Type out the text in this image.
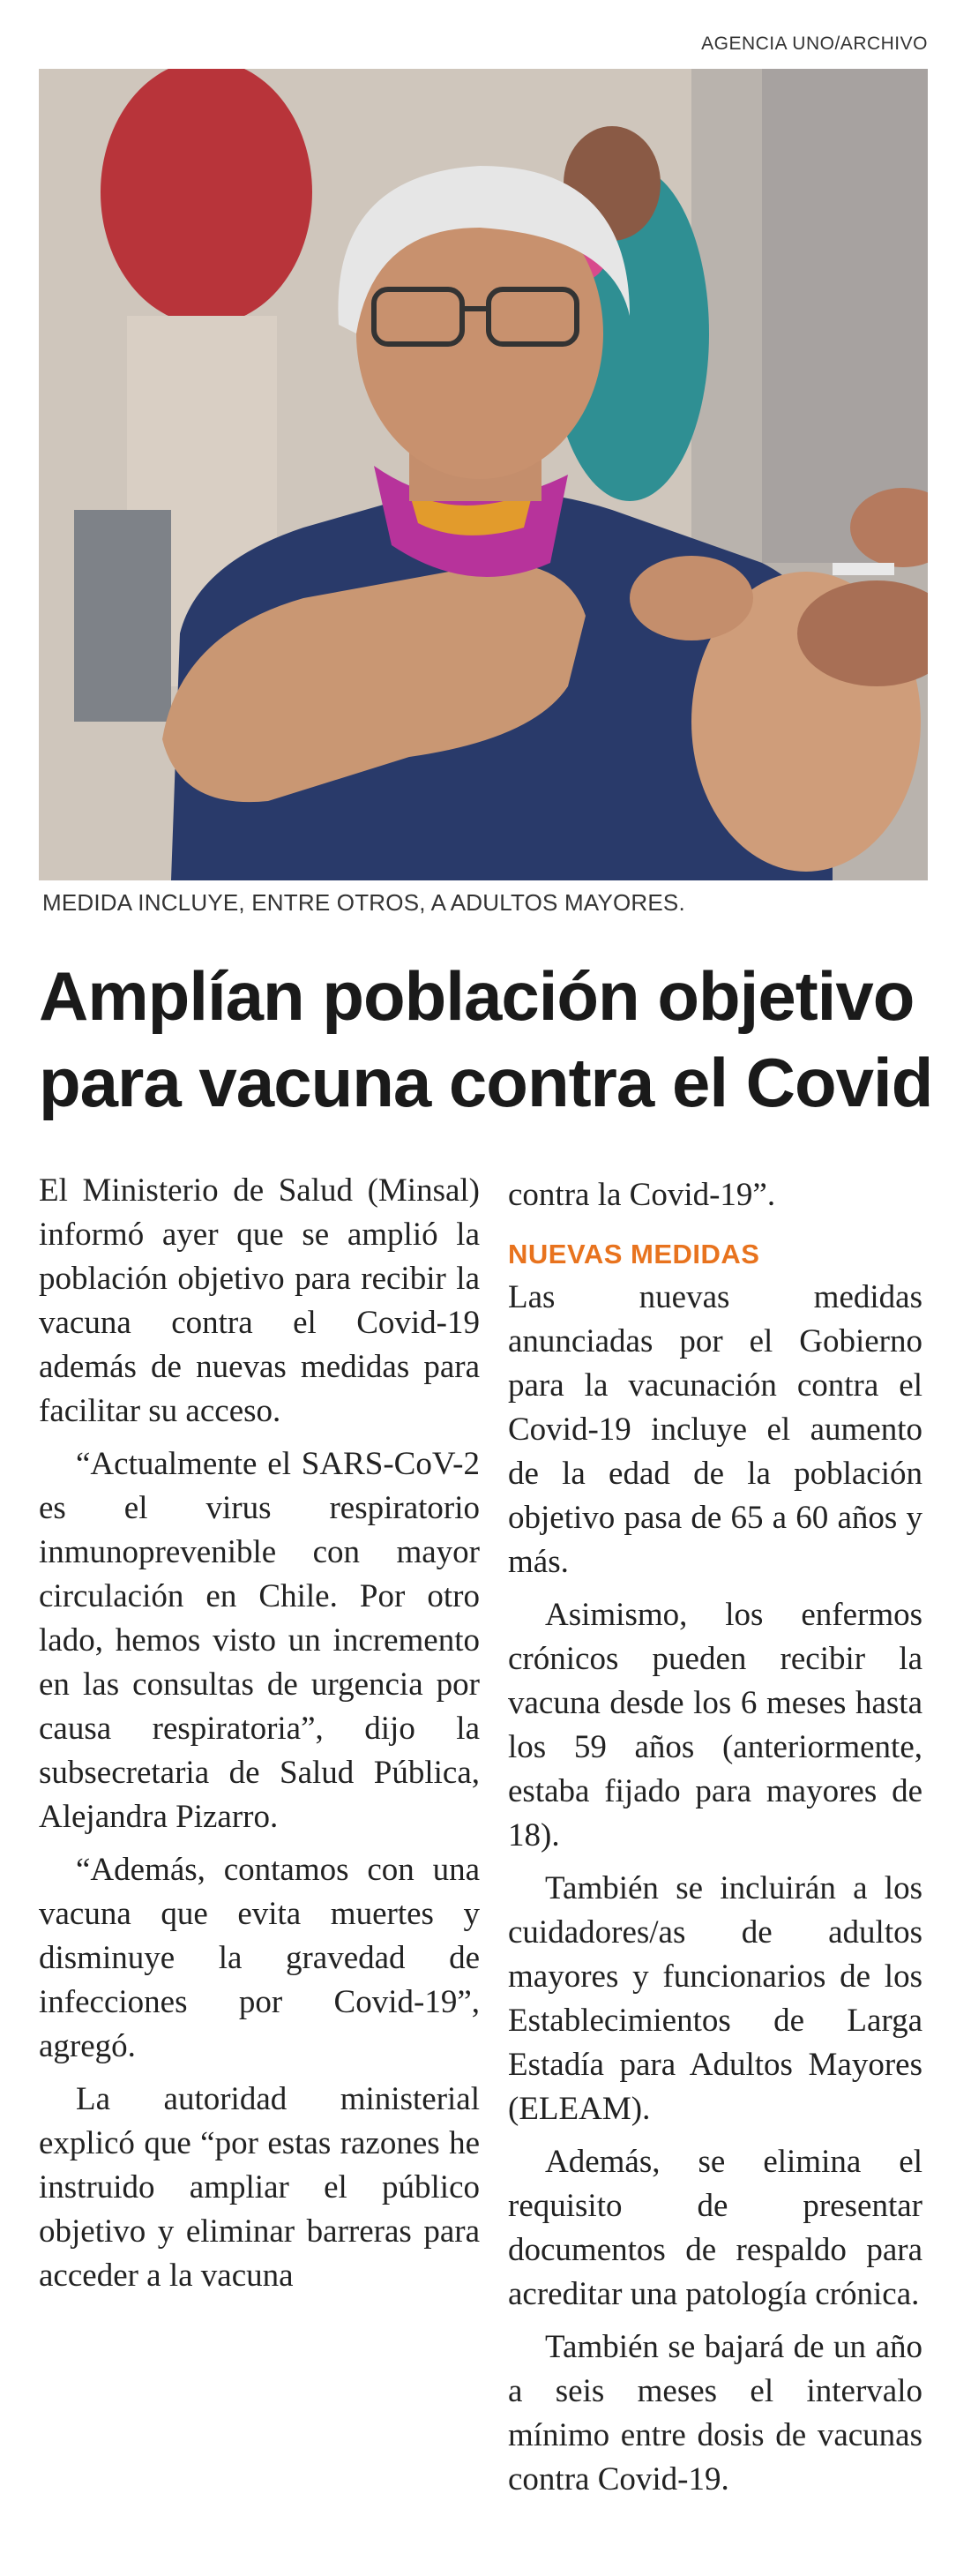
AGENCIA UNO/ARCHIVO
MEDIDA INCLUYE, ENTRE OTROS, A ADULTOS MAYORES.
Amplían población objetivo para vacuna contra el Covid

El Ministerio de Salud (Minsal) informó ayer que se amplió la población objetivo para recibir la vacuna contra el Covid-19 además de nuevas medidas para facilitar su acceso.

“Actualmente el SARS-CoV-2 es el virus respiratorio inmunoprevenible con mayor circulación en Chile. Por otro lado, hemos visto un incremento en las consultas de urgencia por causa respiratoria”, dijo la subsecretaria de Salud Pública, Alejandra Pizarro.

“Además, contamos con una vacuna que evita muertes y disminuye la gravedad de infecciones por Covid-19”, agregó.

La autoridad ministerial explicó que “por estas razones he instruido ampliar el público objetivo y eliminar barreras para acceder a la vacuna

contra la Covid-19”.

NUEVAS MEDIDAS

Las nuevas medidas anunciadas por el Gobierno para la vacunación contra el Covid-19 incluye el aumento de la edad de la población objetivo pasa de 65 a 60 años y más.

Asimismo, los enfermos crónicos pueden recibir la vacuna desde los 6 meses hasta los 59 años (anteriormente, estaba fijado para mayores de 18).

También se incluirán a los cuidadores/as de adultos mayores y funcionarios de los Establecimientos de Larga Estadía para Adultos Mayores (ELEAM).

Además, se elimina el requisito de presentar documentos de respaldo para acreditar una patología crónica.

También se bajará de un año a seis meses el intervalo mínimo entre dosis de vacunas contra Covid-19.
